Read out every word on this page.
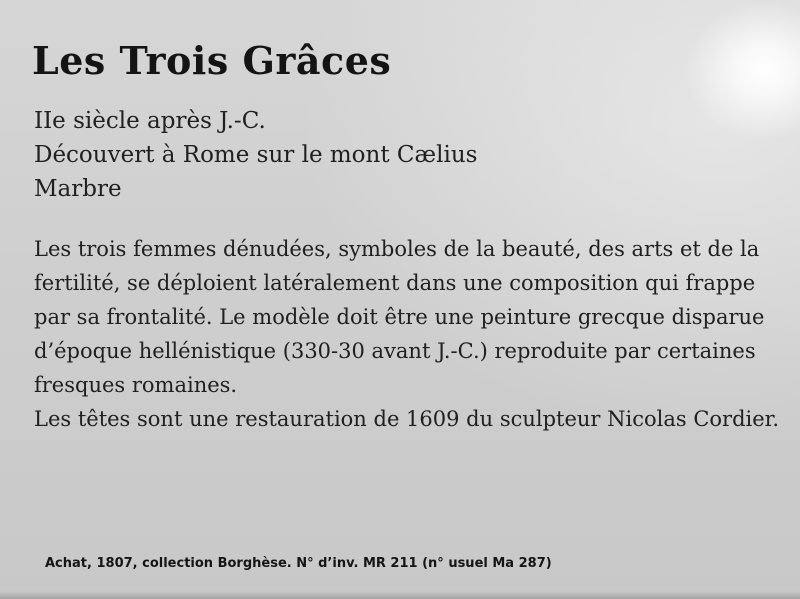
Les Trois Grâces
IIe siècle après J.-C.
Découvert à Rome sur le mont Cælius
Marbre

Les trois femmes dénudées, symboles de la beauté, des arts et de la fertilité, se déploient latéralement dans une composition qui frappe par sa frontalité. Le modèle doit être une peinture grecque disparue d’époque hellénistique (330-30 avant J.-C.) reproduite par certaines fresques romaines.

Les têtes sont une restauration de 1609 du sculpteur Nicolas Cordier.

Achat, 1807, collection Borghèse. N° d’inv. MR 211 (n° usuel Ma 287)
